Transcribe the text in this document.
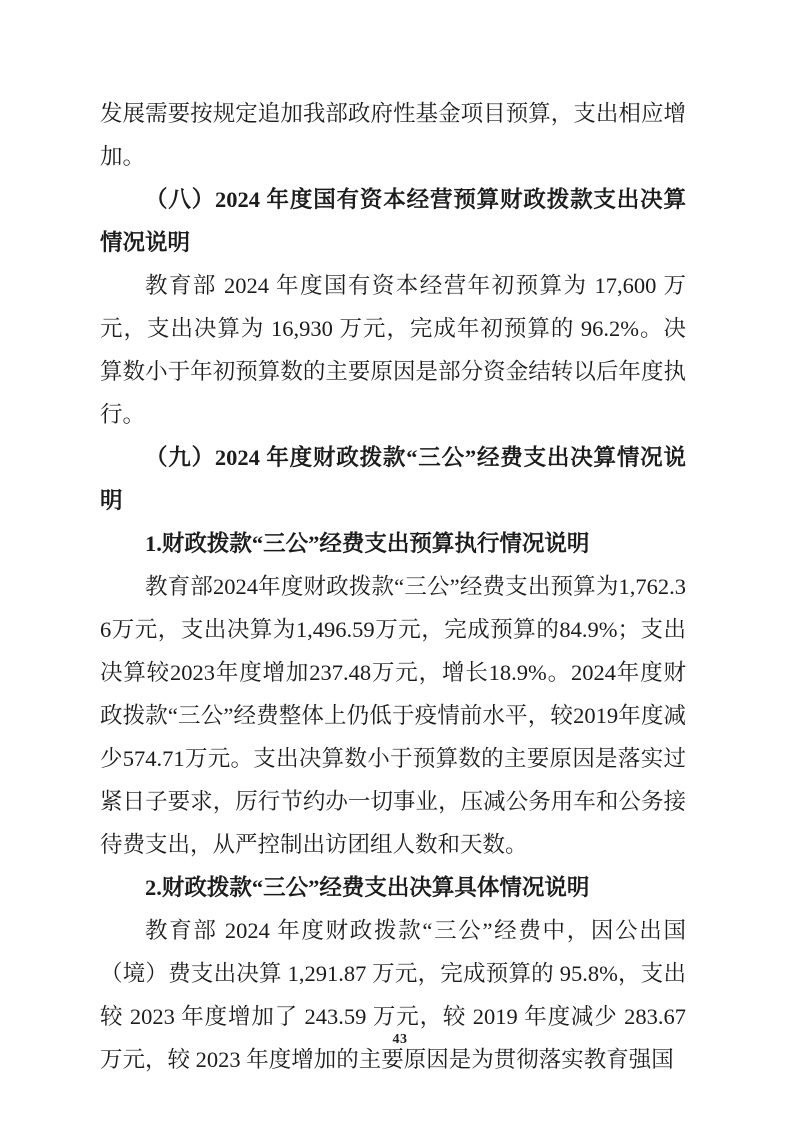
发展需要按规定追加我部政府性基金项目预算，支出相应增加。

（八）2024 年度国有资本经营预算财政拨款支出决算情况说明

教育部 2024 年度国有资本经营年初预算为 17,600 万元，支出决算为 16,930 万元，完成年初预算的 96.2%。决算数小于年初预算数的主要原因是部分资金结转以后年度执行。

（九）2024 年度财政拨款“三公”经费支出决算情况说明

1.财政拨款“三公”经费支出预算执行情况说明

教育部2024年度财政拨款“三公”经费支出预算为1,762.36万元，支出决算为1,496.59万元，完成预算的84.9%；支出决算较2023年度增加237.48万元，增长18.9%。2024年度财政拨款“三公”经费整体上仍低于疫情前水平，较2019年度减少574.71万元。支出决算数小于预算数的主要原因是落实过紧日子要求，厉行节约办一切事业，压减公务用车和公务接待费支出，从严控制出访团组人数和天数。

2.财政拨款“三公”经费支出决算具体情况说明

教育部 2024 年度财政拨款“三公”经费中，因公出国（境）费支出决算 1,291.87 万元，完成预算的 95.8%，支出较 2023 年度增加了 243.59 万元，较 2019 年度减少 283.67 万元，较 2023 年度增加的主要原因是为贯彻落实教育强国

43
